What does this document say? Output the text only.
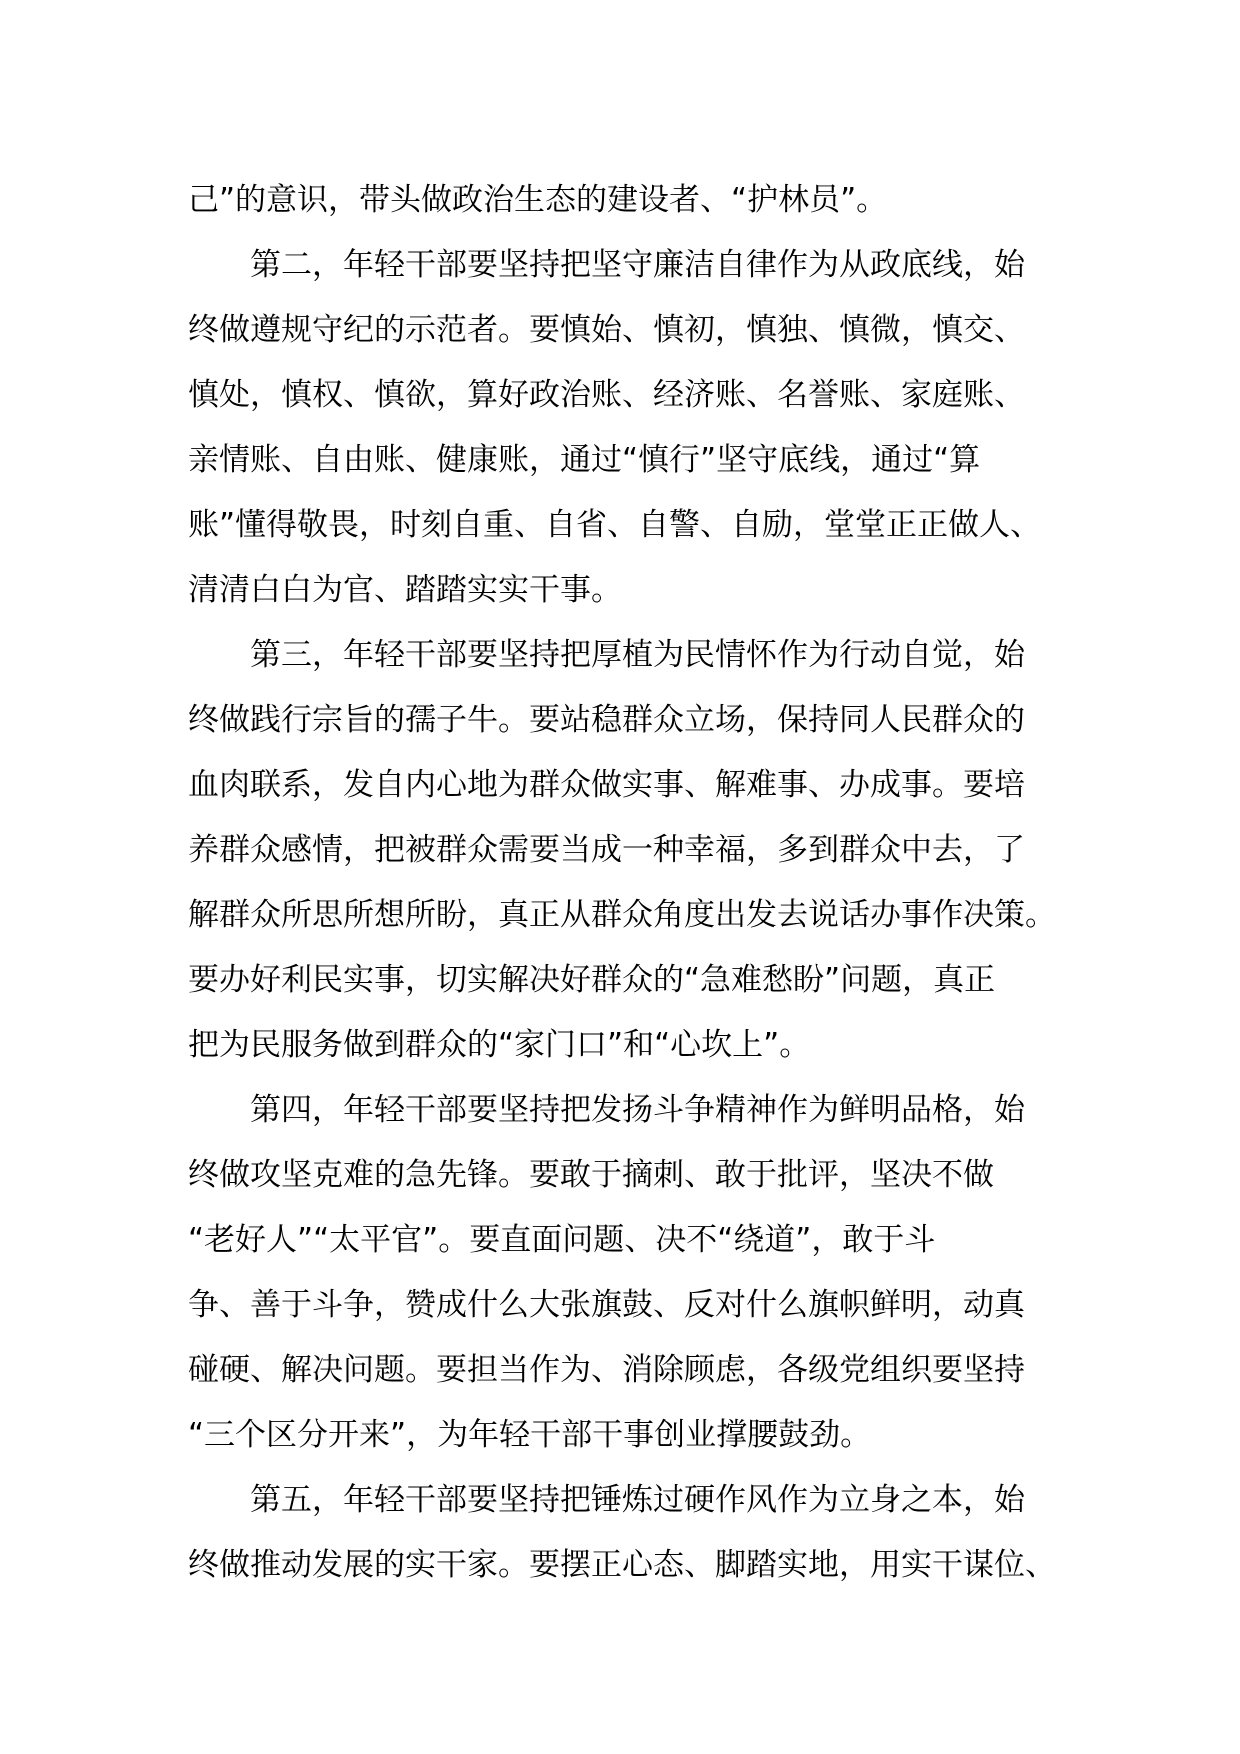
己”的意识，带头做政治生态的建设者、“护林员”。
第二，年轻干部要坚持把坚守廉洁自律作为从政底线，始
终做遵规守纪的示范者。要慎始、慎初，慎独、慎微，慎交、
慎处，慎权、慎欲，算好政治账、经济账、名誉账、家庭账、
亲情账、自由账、健康账，通过“慎行”坚守底线，通过“算
账”懂得敬畏，时刻自重、自省、自警、自励，堂堂正正做人、
清清白白为官、踏踏实实干事。
第三，年轻干部要坚持把厚植为民情怀作为行动自觉，始
终做践行宗旨的孺子牛。要站稳群众立场，保持同人民群众的
血肉联系，发自内心地为群众做实事、解难事、办成事。要培
养群众感情，把被群众需要当成一种幸福，多到群众中去，了
解群众所思所想所盼，真正从群众角度出发去说话办事作决策。
要办好利民实事，切实解决好群众的“急难愁盼”问题，真正
把为民服务做到群众的“家门口”和“心坎上”。
第四，年轻干部要坚持把发扬斗争精神作为鲜明品格，始
终做攻坚克难的急先锋。要敢于摘刺、敢于批评，坚决不做
“老好人”“太平官”。要直面问题、决不“绕道”，敢于斗
争、善于斗争，赞成什么大张旗鼓、反对什么旗帜鲜明，动真
碰硬、解决问题。要担当作为、消除顾虑，各级党组织要坚持
“三个区分开来”，为年轻干部干事创业撑腰鼓劲。
第五，年轻干部要坚持把锤炼过硬作风作为立身之本，始
终做推动发展的实干家。要摆正心态、脚踏实地，用实干谋位、
